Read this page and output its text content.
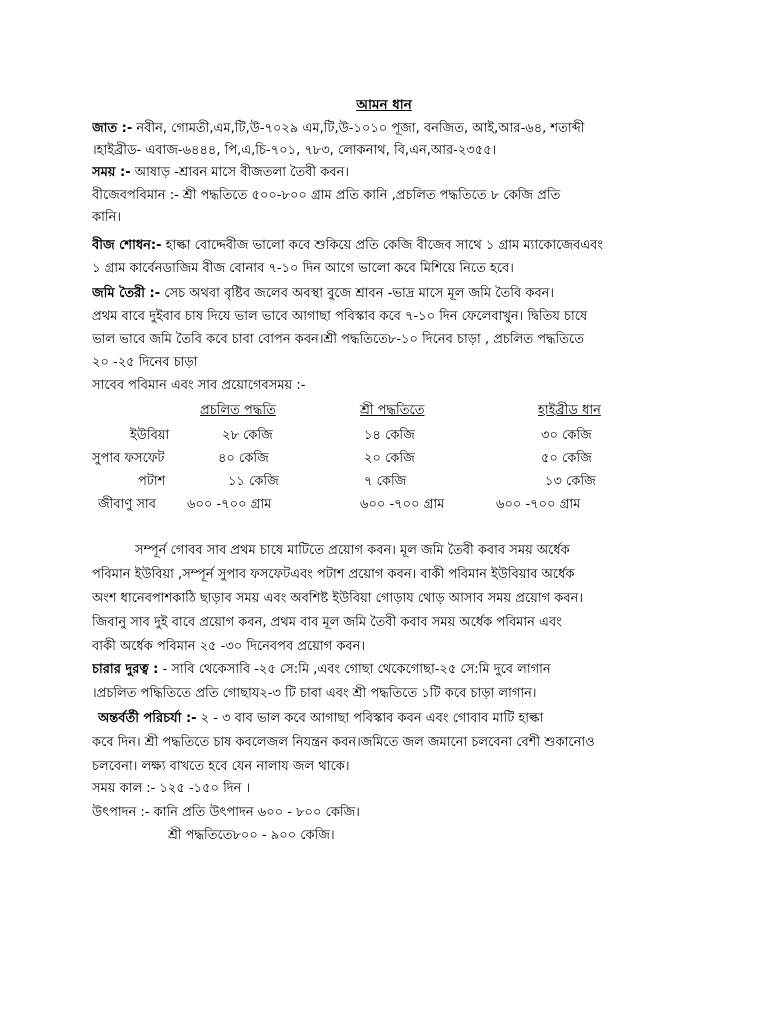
আমন ধান
জাত :- নবীন, গোমতী,এম,টি,উ-৭০২৯ এম,টি,উ-১০১০ পূজা, বনজিত, আই,আর-৬৪, শতাব্দী
।হাইব্রীড- এবাজ-৬৪৪৪, পি,এ,চি-৭০১, ৭৮৩, লোকনাথ, বি,এন,আর-২৩৫৫।
সময় :- আষাড় -শ্রাবন মাসে বীজতলা তৈবী কবন।
বীজেবপবিমান :- শ্রী পদ্ধতিতে ৫০০-৮০০ গ্রাম প্রতি কানি ,প্রচলিত পদ্ধতিতে ৮ কেজি প্রতি
কানি।
বীজ শোধন:- হাল্কা বোদ্দেবীজ ভালো কবে শুকিয়ে প্রতি কেজি বীজেব সাথে ১ গ্রাম ম্যাকোজেবএবং
১ গ্রাম কার্বেনডাজিম বীজ বোনাব ৭-১০ দিন আগে ভালো কবে মিশিয়ে নিতে হবে।
জমি তৈরী :- সেচ অথবা বৃষ্টিব জলেব অবস্থা বুজে শ্রাবন -ভাদ্র মাসে মূল জমি তৈবি কবন।
প্রথম বাবে দুইবাব চাষ দিযে ভাল ভাবে আগাছা পবিস্কাব কবে ৭-১০ দিন ফেলেবাখুন। দ্বিতিয চাষে
ভাল ভাবে জমি তৈবি কবে চাবা বোপন কবন।শ্রী পদ্ধতিতে৮-১০ দিনেব চাড়া , প্রচলিত পদ্ধতিতে
২০ -২৫ দিনেব চাড়া
সাবেব পবিমান এবং সাব প্রয়োগেবসময় :-
প্রচলিত পদ্ধতি	শ্রী পদ্ধতিতে	হাইব্রীড ধান
ইউবিয়া	২৮ কেজি	১৪ কেজি	৩০ কেজি
সুপাব ফসফেট	৪০ কেজি	২০ কেজি	৫০ কেজি
পটাশ	১১ কেজি	৭ কেজি	১৩ কেজি
জীবাণু সাব ৬০০ -৭০০ গ্রাম	৬০০ -৭০০ গ্রাম	৬০০ -৭০০ গ্রাম
সম্পূর্ন গোবব সাব প্রথম চাষে মাটিতে প্রয়োগ কবন। মূল জমি তৈবী কবাব সময় অর্ধেক
পবিমান ইউবিয়া ,সম্পূর্ন সুপাব ফসফেটএবং পটাশ প্রয়োগ কবন। বাকী পবিমান ইউবিয়াব অর্ধেক
অংশ ধানেবপাশকাঠি ছাড়াব সময় এবং অবশিষ্ট ইউবিয়া গোড়ায থোড় আসাব সময় প্রয়োগ কবন।
জিবানু সাব দুই বাবে প্রয়োগ কবন, প্রথম বাব মূল জমি তৈবী কবাব সময় অর্ধেক পবিমান এবং
বাকী অর্ধেক পবিমান ২৫ -৩০ দিনেবপব প্রয়োগ কবন।
চারার দুরত্ব : - সাবি থেকেসাবি -২৫ সে:মি ,এবং গোছা থেকেগোছা-২৫ সে:মি দুবে লাগান
।প্রচলিত পদ্ধিতিতে প্রতি গোছায২-৩ টি চাবা এবং শ্রী পদ্ধতিতে ১টি কবে চাড়া লাগান।
অন্তর্বর্তী পরিচর্যা :- ২ - ৩ বাব ভাল কবে আগাছা পবিস্কাব কবন এবং গোবাব মাটি হাল্কা
কবে দিন। শ্রী পদ্ধতিতে চাষ কবলেজল নিযন্ত্রন কবন।জমিতে জল জমানো চলবেনা বেশী শুকানোও
চলবেনা। লক্ষ্য বাখতে হবে যেন নালায জল থাকে।
সময় কাল :- ১২৫ -১৫০ দিন ।
উৎপাদন :- কানি প্রতি উৎপাদন ৬০০ - ৮০০ কেজি।
শ্রী পদ্ধতিতে৮০০ - ৯০০ কেজি।
